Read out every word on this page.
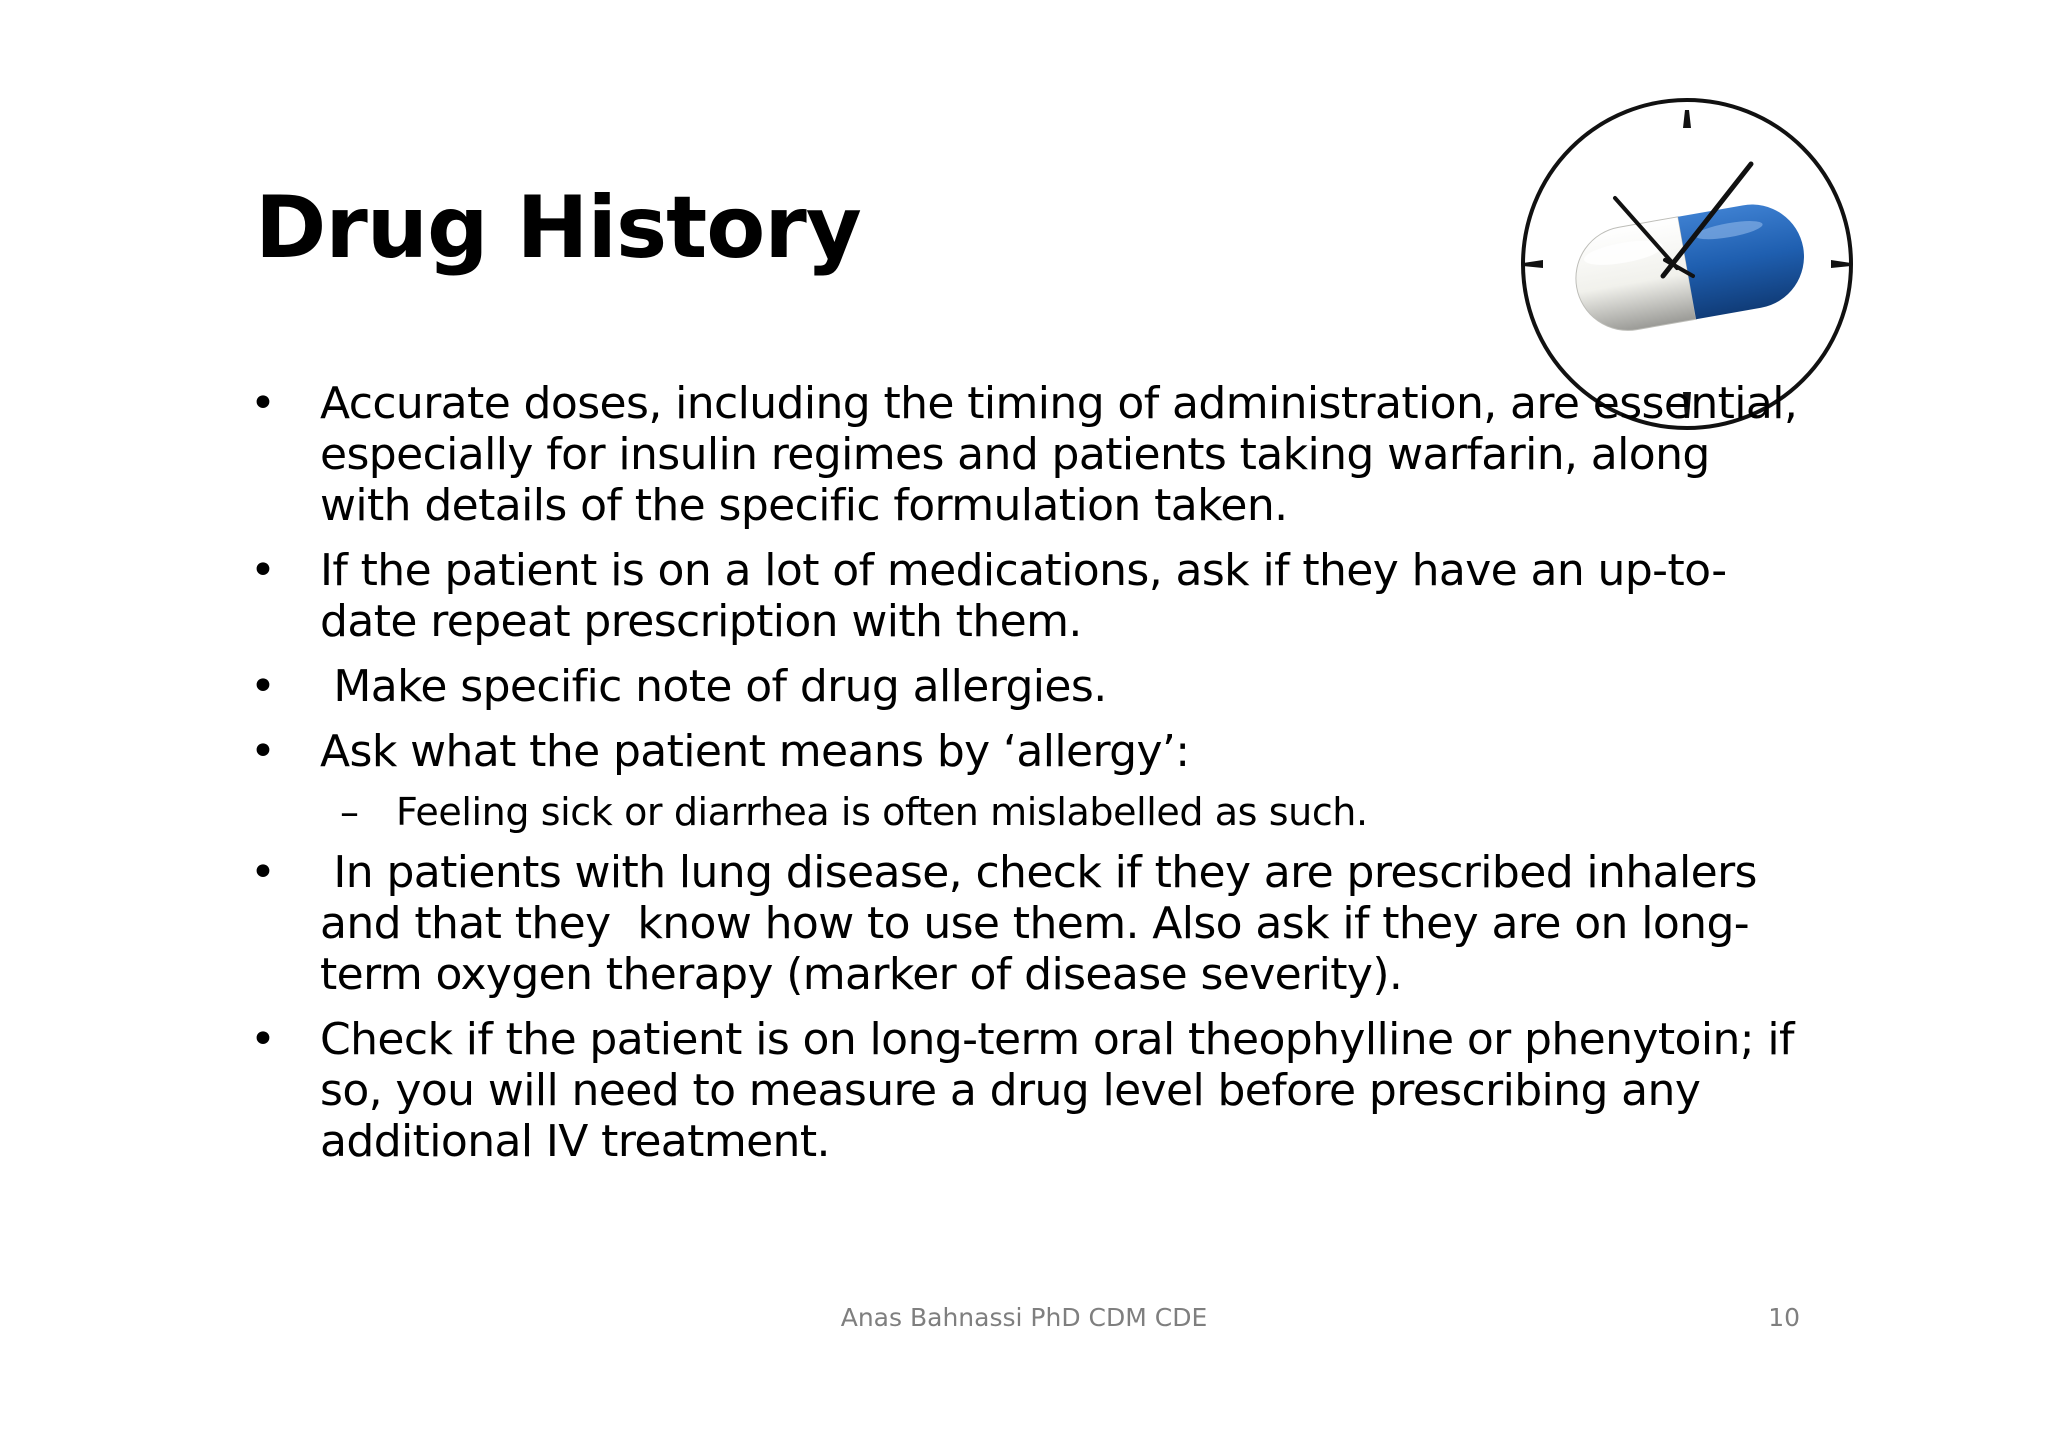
Drug History
•	Accurate doses, including the timing of administration, are essential, especially for insulin regimes and patients taking warfarin, along with details of the specific formulation taken.
•	If the patient is on a lot of medications, ask if they have an up-to-date repeat prescription with them.
•	Make specific note of drug allergies.
•	Ask what the patient means by ‘allergy’:
– Feeling sick or diarrhea is often mislabelled as such.
•	In patients with lung disease, check if they are prescribed inhalers and that they  know how to use them. Also ask if they are on long-term oxygen therapy (marker of disease severity).
•	Check if the patient is on long-term oral theophylline or phenytoin; if so, you will need to measure a drug level before prescribing any additional IV treatment.
Anas Bahnassi PhD CDM CDE	10
